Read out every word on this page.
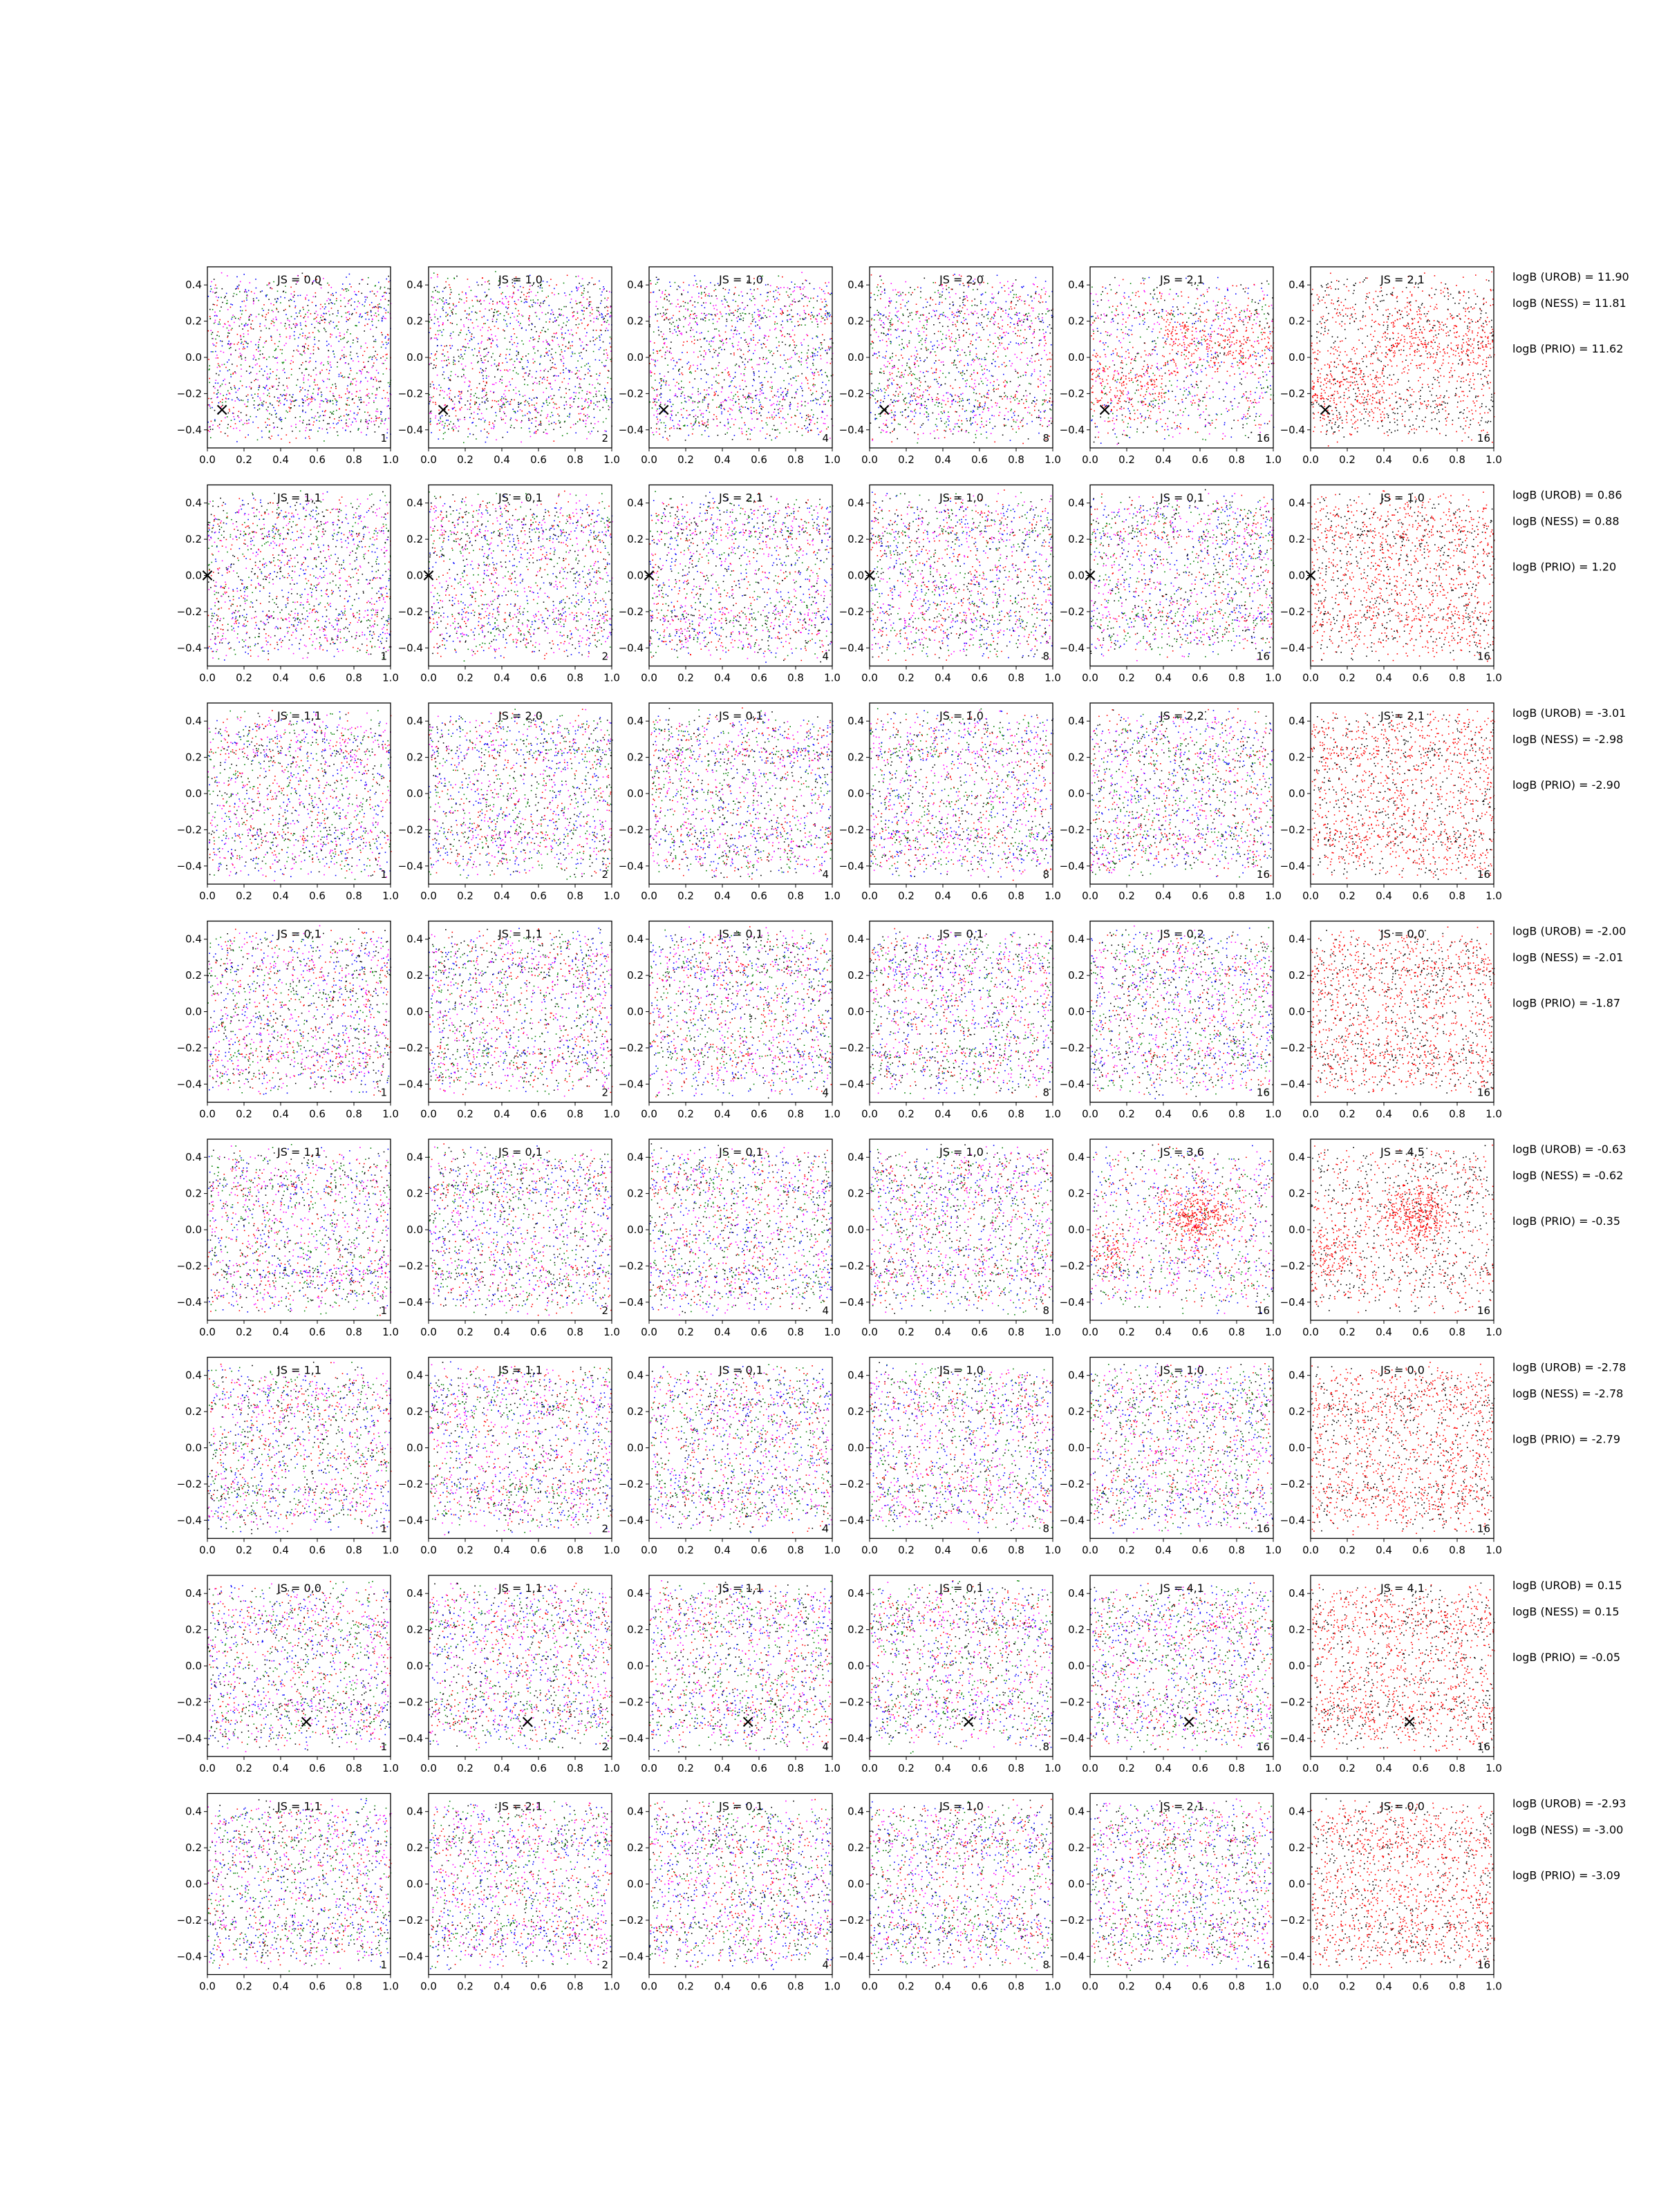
0.0 0.2 0.4 0.6 0.8 1.0
−0.4
−0.2
0.0
0.2
0.4	JS = 0,0
1
×
0.0 0.2 0.4 0.6 0.8 1.0
−0.4
−0.2
0.0
0.2
0.4	JS = 1,0
2
×
0.0 0.2 0.4 0.6 0.8 1.0
−0.4
−0.2
0.0
0.2
0.4	JS = 1,0
4
×
0.0 0.2 0.4 0.6 0.8 1.0
−0.4
−0.2
0.0
0.2
0.4	JS = 2,0
8
×
0.0 0.2 0.4 0.6 0.8 1.0
−0.4
−0.2
0.0
0.2
0.4	JS = 2,1
16
×
0.0 0.2 0.4 0.6 0.8 1.0
−0.4
−0.2
0.0
0.2
0.4	JS = 2,1
16
×
logB (UROB) = 11.90
logB (NESS) = 11.81
logB (PRIO) = 11.62
0.0 0.2 0.4 0.6 0.8 1.0
−0.4
−0.2
0.0
0.2
0.4	JS = 1,1
1
×
0.0 0.2 0.4 0.6 0.8 1.0
−0.4
−0.2
0.0
0.2
0.4	JS = 0,1
2
×
0.0 0.2 0.4 0.6 0.8 1.0
−0.4
−0.2
0.0
0.2
0.4	JS = 2,1
4
×
0.0 0.2 0.4 0.6 0.8 1.0
−0.4
−0.2
0.0
0.2
0.4	JS = 1,0
8
×
0.0 0.2 0.4 0.6 0.8 1.0
−0.4
−0.2
0.0
0.2
0.4	JS = 0,1
16
×
0.0 0.2 0.4 0.6 0.8 1.0
−0.4
−0.2
0.0
0.2
0.4	JS = 1,0
16
×
logB (UROB) = 0.86
logB (NESS) = 0.88
logB (PRIO) = 1.20
0.0 0.2 0.4 0.6 0.8 1.0
−0.4
−0.2
0.0
0.2
0.4	JS = 1,1
1
0.0 0.2 0.4 0.6 0.8 1.0
−0.4
−0.2
0.0
0.2
0.4	JS = 2,0
2
0.0 0.2 0.4 0.6 0.8 1.0
−0.4
−0.2
0.0
0.2
0.4	JS = 0,1
4
0.0 0.2 0.4 0.6 0.8 1.0
−0.4
−0.2
0.0
0.2
0.4	JS = 1,0
8
0.0 0.2 0.4 0.6 0.8 1.0
−0.4
−0.2
0.0
0.2
0.4	JS = 2,2
16
0.0 0.2 0.4 0.6 0.8 1.0
−0.4
−0.2
0.0
0.2
0.4	JS = 2,1
16
logB (UROB) = -3.01
logB (NESS) = -2.98
logB (PRIO) = -2.90
0.0 0.2 0.4 0.6 0.8 1.0
−0.4
−0.2
0.0
0.2
0.4	JS = 0,1
1
0.0 0.2 0.4 0.6 0.8 1.0
−0.4
−0.2
0.0
0.2
0.4	JS = 1,1
2
0.0 0.2 0.4 0.6 0.8 1.0
−0.4
−0.2
0.0
0.2
0.4	JS = 0,1
4
0.0 0.2 0.4 0.6 0.8 1.0
−0.4
−0.2
0.0
0.2
0.4	JS = 0,1
8
0.0 0.2 0.4 0.6 0.8 1.0
−0.4
−0.2
0.0
0.2
0.4	JS = 0,2
16
0.0 0.2 0.4 0.6 0.8 1.0
−0.4
−0.2
0.0
0.2
0.4	JS = 0,0
16
logB (UROB) = -2.00
logB (NESS) = -2.01
logB (PRIO) = -1.87
0.0 0.2 0.4 0.6 0.8 1.0
−0.4
−0.2
0.0
0.2
0.4	JS = 1,1
1
0.0 0.2 0.4 0.6 0.8 1.0
−0.4
−0.2
0.0
0.2
0.4	JS = 0,1
2
0.0 0.2 0.4 0.6 0.8 1.0
−0.4
−0.2
0.0
0.2
0.4	JS = 0,1
4
0.0 0.2 0.4 0.6 0.8 1.0
−0.4
−0.2
0.0
0.2
0.4	JS = 1,0
8
0.0 0.2 0.4 0.6 0.8 1.0
−0.4
−0.2
0.0
0.2
0.4	JS = 3,6
16
0.0 0.2 0.4 0.6 0.8 1.0
−0.4
−0.2
0.0
0.2
0.4	JS = 4,5
16
logB (UROB) = -0.63
logB (NESS) = -0.62
logB (PRIO) = -0.35
0.0 0.2 0.4 0.6 0.8 1.0
−0.4
−0.2
0.0
0.2
0.4	JS = 1,1
1
0.0 0.2 0.4 0.6 0.8 1.0
−0.4
−0.2
0.0
0.2
0.4	JS = 1,1
2
0.0 0.2 0.4 0.6 0.8 1.0
−0.4
−0.2
0.0
0.2
0.4	JS = 0,1
4
0.0 0.2 0.4 0.6 0.8 1.0
−0.4
−0.2
0.0
0.2
0.4	JS = 1,0
8
0.0 0.2 0.4 0.6 0.8 1.0
−0.4
−0.2
0.0
0.2
0.4	JS = 1,0
16
0.0 0.2 0.4 0.6 0.8 1.0
−0.4
−0.2
0.0
0.2
0.4	JS = 0,0
16
logB (UROB) = -2.78
logB (NESS) = -2.78
logB (PRIO) = -2.79
0.0 0.2 0.4 0.6 0.8 1.0
−0.4
−0.2
0.0
0.2
0.4	JS = 0,0
1
×
0.0 0.2 0.4 0.6 0.8 1.0
−0.4
−0.2
0.0
0.2
0.4	JS = 1,1
2
×
0.0 0.2 0.4 0.6 0.8 1.0
−0.4
−0.2
0.0
0.2
0.4	JS = 1,1
4
×
0.0 0.2 0.4 0.6 0.8 1.0
−0.4
−0.2
0.0
0.2
0.4	JS = 0,1
8
×
0.0 0.2 0.4 0.6 0.8 1.0
−0.4
−0.2
0.0
0.2
0.4	JS = 4,1
16
×
0.0 0.2 0.4 0.6 0.8 1.0
−0.4
−0.2
0.0
0.2
0.4	JS = 4,1
16
×
logB (UROB) = 0.15
logB (NESS) = 0.15
logB (PRIO) = -0.05
0.0 0.2 0.4 0.6 0.8 1.0
−0.4
−0.2
0.0
0.2
0.4	JS = 1,1
1
0.0 0.2 0.4 0.6 0.8 1.0
−0.4
−0.2
0.0
0.2
0.4	JS = 2,1
2
0.0 0.2 0.4 0.6 0.8 1.0
−0.4
−0.2
0.0
0.2
0.4	JS = 0,1
4
0.0 0.2 0.4 0.6 0.8 1.0
−0.4
−0.2
0.0
0.2
0.4	JS = 1,0
8
0.0 0.2 0.4 0.6 0.8 1.0
−0.4
−0.2
0.0
0.2
0.4	JS = 2,1
16
0.0 0.2 0.4 0.6 0.8 1.0
−0.4
−0.2
0.0
0.2
0.4	JS = 0,0
16
logB (UROB) = -2.93
logB (NESS) = -3.00
logB (PRIO) = -3.09
